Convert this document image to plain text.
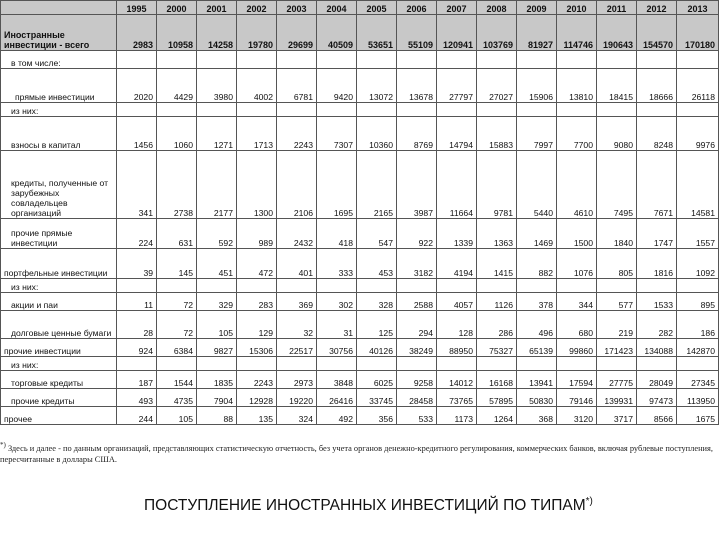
	1995	2000	2001	2002	2003	2004	2005	2006	2007	2008	2009	2010	2011	2012	2013
Иностранные инвестиции - всего	2983	10958	14258	19780	29699	40509	53651	55109	120941	103769	81927	114746	190643	154570	170180
в том числе:															
прямые инвестиции	2020	4429	3980	4002	6781	9420	13072	13678	27797	27027	15906	13810	18415	18666	26118
из них:															
взносы в капитал	1456	1060	1271	1713	2243	7307	10360	8769	14794	15883	7997	7700	9080	8248	9976
кредиты, полученные от зарубежных совладельцев организаций	341	2738	2177	1300	2106	1695	2165	3987	11664	9781	5440	4610	7495	7671	14581
прочие прямые инвестиции	224	631	592	989	2432	418	547	922	1339	1363	1469	1500	1840	1747	1557
портфельные инвестиции	39	145	451	472	401	333	453	3182	4194	1415	882	1076	805	1816	1092
из них:															
акции и паи	11	72	329	283	369	302	328	2588	4057	1126	378	344	577	1533	895
долговые ценные бумаги	28	72	105	129	32	31	125	294	128	286	496	680	219	282	186
прочие инвестиции	924	6384	9827	15306	22517	30756	40126	38249	88950	75327	65139	99860	171423	134088	142870
из них:															
торговые кредиты	187	1544	1835	2243	2973	3848	6025	9258	14012	16168	13941	17594	27775	28049	27345
прочие кредиты	493	4735	7904	12928	19220	26416	33745	28458	73765	57895	50830	79146	139931	97473	113950
прочее	244	105	88	135	324	492	356	533	1173	1264	368	3120	3717	8566	1675
*) Здесь и далее - по данным организаций, представляющих статистическую отчетность, без учета органов денежно-кредитного регулирования, коммерческих банков, включая рублевые поступления, пересчитанные в доллары США.
ПОСТУПЛЕНИЕ ИНОСТРАННЫХ ИНВЕСТИЦИЙ ПО ТИПАМ*)
